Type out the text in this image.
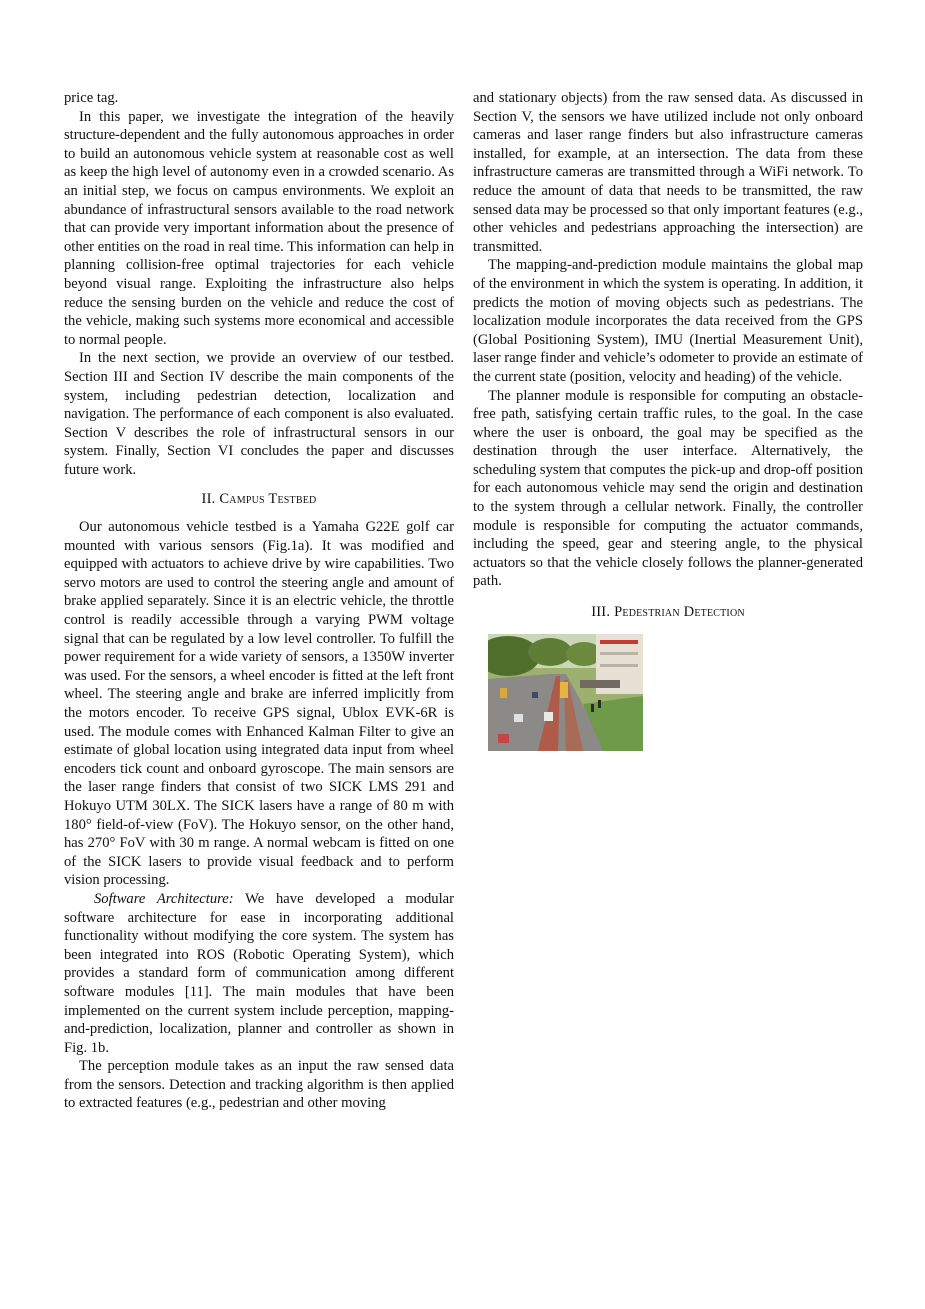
price tag.

In this paper, we investigate the integration of the heavily structure-dependent and the fully autonomous approaches in order to build an autonomous vehicle system at reasonable cost as well as keep the high level of autonomy even in a crowded scenario. As an initial step, we focus on campus environments. We exploit an abundance of infrastructural sensors available to the road network that can provide very important information about the presence of other entities on the road in real time. This information can help in planning collision-free optimal trajectories for each vehicle beyond visual range. Exploiting the infrastructure also helps reduce the sensing burden on the vehicle and reduce the cost of the vehicle, making such systems more economical and accessible to normal people.

In the next section, we provide an overview of our testbed. Section III and Section IV describe the main components of the system, including pedestrian detection, localization and navigation. The performance of each component is also evaluated. Section V describes the role of infrastructural sensors in our system. Finally, Section VI concludes the paper and discusses future work.

II. Campus Testbed

Our autonomous vehicle testbed is a Yamaha G22E golf car mounted with various sensors (Fig.1a). It was modified and equipped with actuators to achieve drive by wire capabilities. Two servo motors are used to control the steering angle and amount of brake applied separately. Since it is an electric vehicle, the throttle control is readily accessible through a varying PWM voltage signal that can be regulated by a low level controller. To fulfill the power requirement for a wide variety of sensors, a 1350W inverter was used. For the sensors, a wheel encoder is fitted at the left front wheel. The steering angle and brake are inferred implicitly from the motors encoder. To receive GPS signal, Ublox EVK-6R is used. The module comes with Enhanced Kalman Filter to give an estimate of global location using integrated data input from wheel encoders tick count and onboard gyroscope. The main sensors are the laser range finders that consist of two SICK LMS 291 and Hokuyo UTM 30LX. The SICK lasers have a range of 80 m with 180° field-of-view (FoV). The Hokuyo sensor, on the other hand, has 270° FoV with 30 m range. A normal webcam is fitted on one of the SICK lasers to provide visual feedback and to perform vision processing.

Software Architecture: We have developed a modular software architecture for ease in incorporating additional functionality without modifying the core system. The system has been integrated into ROS (Robotic Operating System), which provides a standard form of communication among different software modules [11]. The main modules that have been implemented on the current system include perception, mapping-and-prediction, localization, planner and controller as shown in Fig. 1b.

The perception module takes as an input the raw sensed data from the sensors. Detection and tracking algorithm is then applied to extracted features (e.g., pedestrian and other moving

and stationary objects) from the raw sensed data. As discussed in Section V, the sensors we have utilized include not only onboard cameras and laser range finders but also infrastructure cameras installed, for example, at an intersection. The data from these infrastructure cameras are transmitted through a WiFi network. To reduce the amount of data that needs to be transmitted, the raw sensed data may be processed so that only important features (e.g., other vehicles and pedestrians approaching the intersection) are transmitted.

The mapping-and-prediction module maintains the global map of the environment in which the system is operating. In addition, it predicts the motion of moving objects such as pedestrians. The localization module incorporates the data received from the GPS (Global Positioning System), IMU (Inertial Measurement Unit), laser range finder and vehicle’s odometer to provide an estimate of the current state (position, velocity and heading) of the vehicle.

The planner module is responsible for computing an obstacle-free path, satisfying certain traffic rules, to the goal. In the case where the user is onboard, the goal may be specified as the destination through the user interface. Alternatively, the scheduling system that computes the pick-up and drop-off position for each autonomous vehicle may send the origin and destination to the system through a cellular network. Finally, the controller module is responsible for computing the actuator commands, including the speed, gear and steering angle, to the physical actuators so that the vehicle closely follows the planner-generated path.

III. Pedestrian Detection
